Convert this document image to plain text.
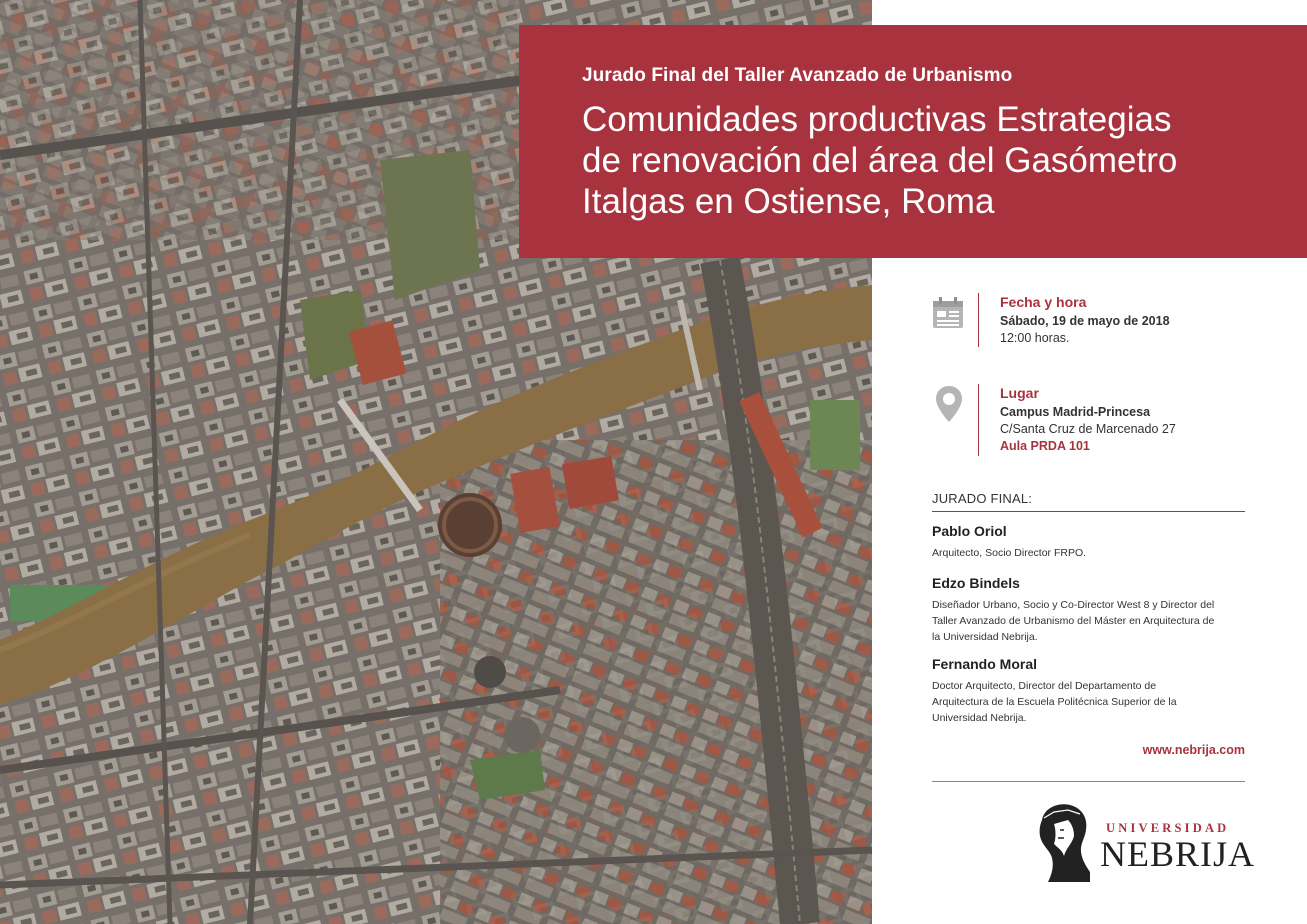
Jurado Final del Taller Avanzado de Urbanismo
Comunidades productivas Estrategias
de renovación del área del Gasómetro
Italgas en Ostiense, Roma
Fecha y hora
Sábado, 19 de mayo de 2018
12:00 horas.
Lugar
Campus Madrid-Princesa
C/Santa Cruz de Marcenado 27
Aula PRDA 101
JURADO FINAL:
Pablo Oriol
Arquitecto, Socio Director FRPO.
Edzo Bindels
Diseñador Urbano, Socio y Co-Director West 8 y Director del
Taller Avanzado de Urbanismo del Máster en Arquitectura de
la Universidad Nebrija.
Fernando Moral
Doctor Arquitecto, Director del Departamento de
Arquitectura de la Escuela Politécnica Superior de la
Universidad Nebrija.
www.nebrija.com
UNIVERSIDAD
NEBRIJA
